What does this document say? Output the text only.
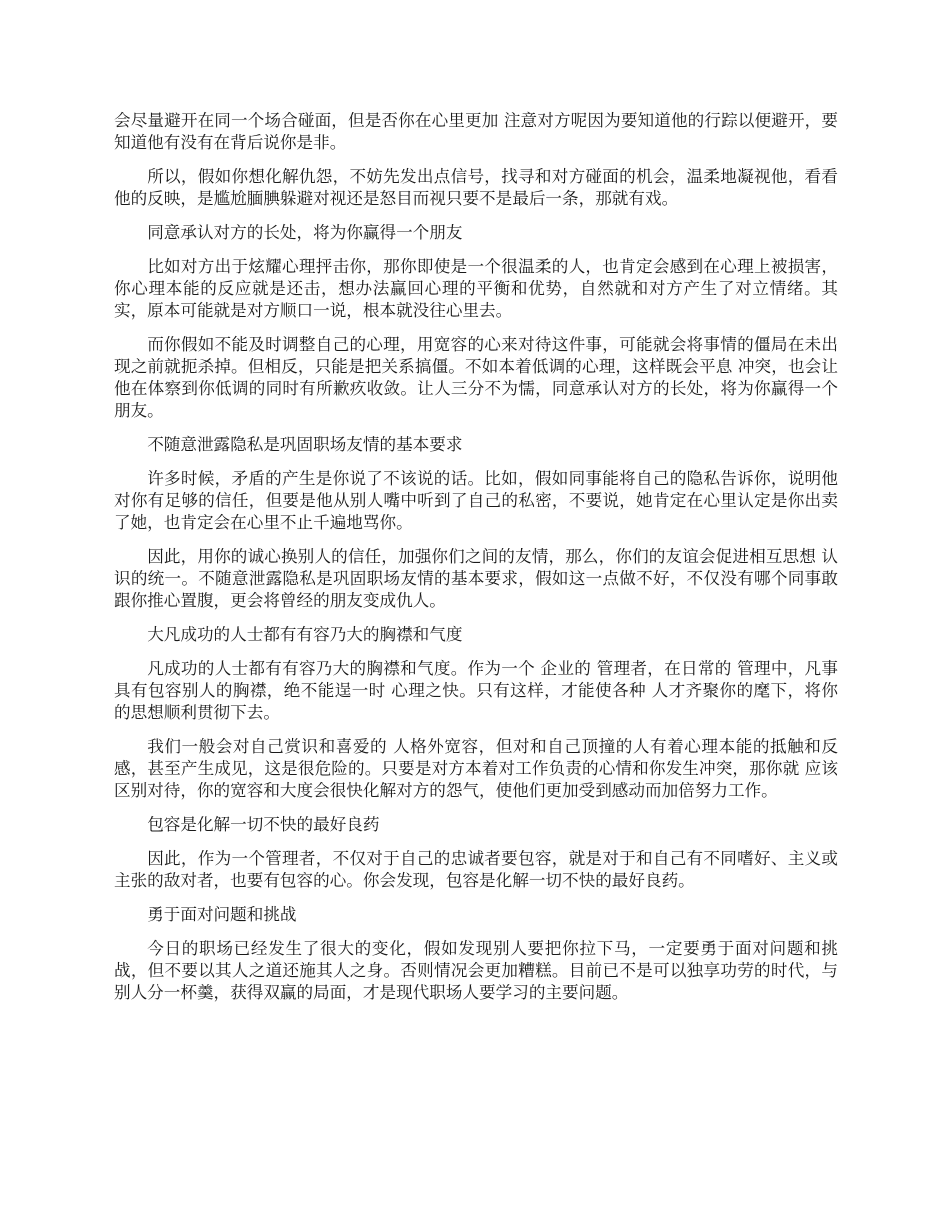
会尽量避开在同一个场合碰面，但是否你在心里更加 注意对方呢因为要知道他的行踪以便避开，要知道他有没有在背后说你是非。

所以，假如你想化解仇怨，不妨先发出点信号，找寻和对方碰面的机会，温柔地凝视他，看看他的反映，是尴尬腼腆躲避对视还是怒目而视只要不是最后一条，那就有戏。

同意承认对方的长处，将为你赢得一个朋友

比如对方出于炫耀心理抨击你，那你即使是一个很温柔的人，也肯定会感到在心理上被损害，你心理本能的反应就是还击，想办法赢回心理的平衡和优势，自然就和对方产生了对立情绪。其实，原本可能就是对方顺口一说，根本就没往心里去。

而你假如不能及时调整自己的心理，用宽容的心来对待这件事，可能就会将事情的僵局在未出现之前就扼杀掉。但相反，只能是把关系搞僵。不如本着低调的心理，这样既会平息 冲突，也会让他在体察到你低调的同时有所歉疚收敛。让人三分不为懦，同意承认对方的长处，将为你赢得一个朋友。

不随意泄露隐私是巩固职场友情的基本要求

许多时候，矛盾的产生是你说了不该说的话。比如，假如同事能将自己的隐私告诉你，说明他对你有足够的信任，但要是他从别人嘴中听到了自己的私密，不要说，她肯定在心里认定是你出卖了她，也肯定会在心里不止千遍地骂你。

因此，用你的诚心换别人的信任，加强你们之间的友情，那么，你们的友谊会促进相互思想 认识的统一。不随意泄露隐私是巩固职场友情的基本要求，假如这一点做不好，不仅没有哪个同事敢跟你推心置腹，更会将曾经的朋友变成仇人。

大凡成功的人士都有有容乃大的胸襟和气度

凡成功的人士都有有容乃大的胸襟和气度。作为一个 企业的 管理者，在日常的 管理中，凡事具有包容别人的胸襟，绝不能逞一时 心理之快。只有这样，才能使各种 人才齐聚你的麾下，将你的思想顺利贯彻下去。

我们一般会对自己赏识和喜爱的 人格外宽容，但对和自己顶撞的人有着心理本能的抵触和反感，甚至产生成见，这是很危险的。只要是对方本着对工作负责的心情和你发生冲突，那你就 应该区别对待，你的宽容和大度会很快化解对方的怨气，使他们更加受到感动而加倍努力工作。

包容是化解一切不快的最好良药

因此，作为一个管理者，不仅对于自己的忠诚者要包容，就是对于和自己有不同嗜好、主义或主张的敌对者，也要有包容的心。你会发现，包容是化解一切不快的最好良药。

勇于面对问题和挑战

今日的职场已经发生了很大的变化，假如发现别人要把你拉下马，一定要勇于面对问题和挑战，但不要以其人之道还施其人之身。否则情况会更加糟糕。目前已不是可以独享功劳的时代，与别人分一杯羹，获得双赢的局面，才是现代职场人要学习的主要问题。
